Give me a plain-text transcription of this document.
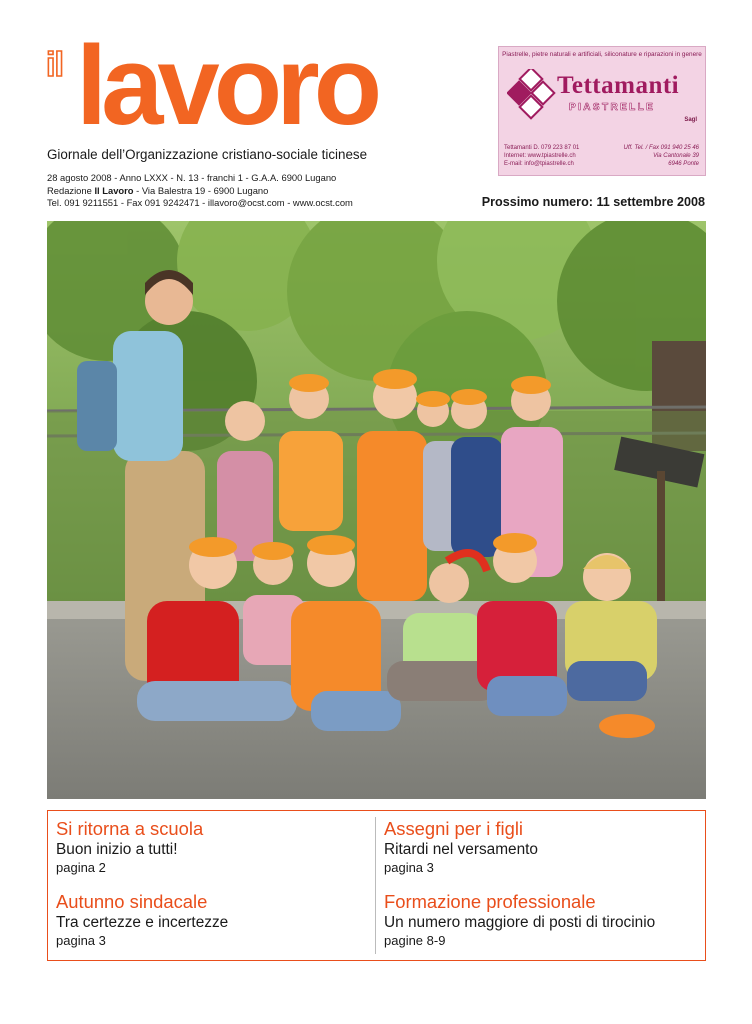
il lavoro
Giornale dell’Organizzazione cristiano-sociale ticinese
28 agosto 2008 - Anno LXXX - N. 13 - franchi 1 - G.A.A. 6900 Lugano
Redazione Il Lavoro - Via Balestra 19 - 6900 Lugano
Tel. 091 9211551 - Fax 091 9242471 - illavoro@ocst.com - www.ocst.com
Piastrelle, pietre naturali e artificiali, siliconature e riparazioni in genere
Tettamanti
PIASTRELLE
Sagl
Tettamanti D. 079 223 87 01
Internet: www.tpiastrelle.ch
E-mail: info@tpiastrelle.ch
Uff. Tel. / Fax 091 940 25 46
Via Cantonale 39
6946 Ponte
Prossimo numero: 11 settembre 2008
Si ritorna a scuola
Buon inizio a tutti!
pagina 2
Assegni per i figli
Ritardi nel versamento
pagina 3
Autunno sindacale
Tra certezze e incertezze
pagina 3
Formazione professionale
Un numero maggiore di posti di tirocinio
pagine 8-9
